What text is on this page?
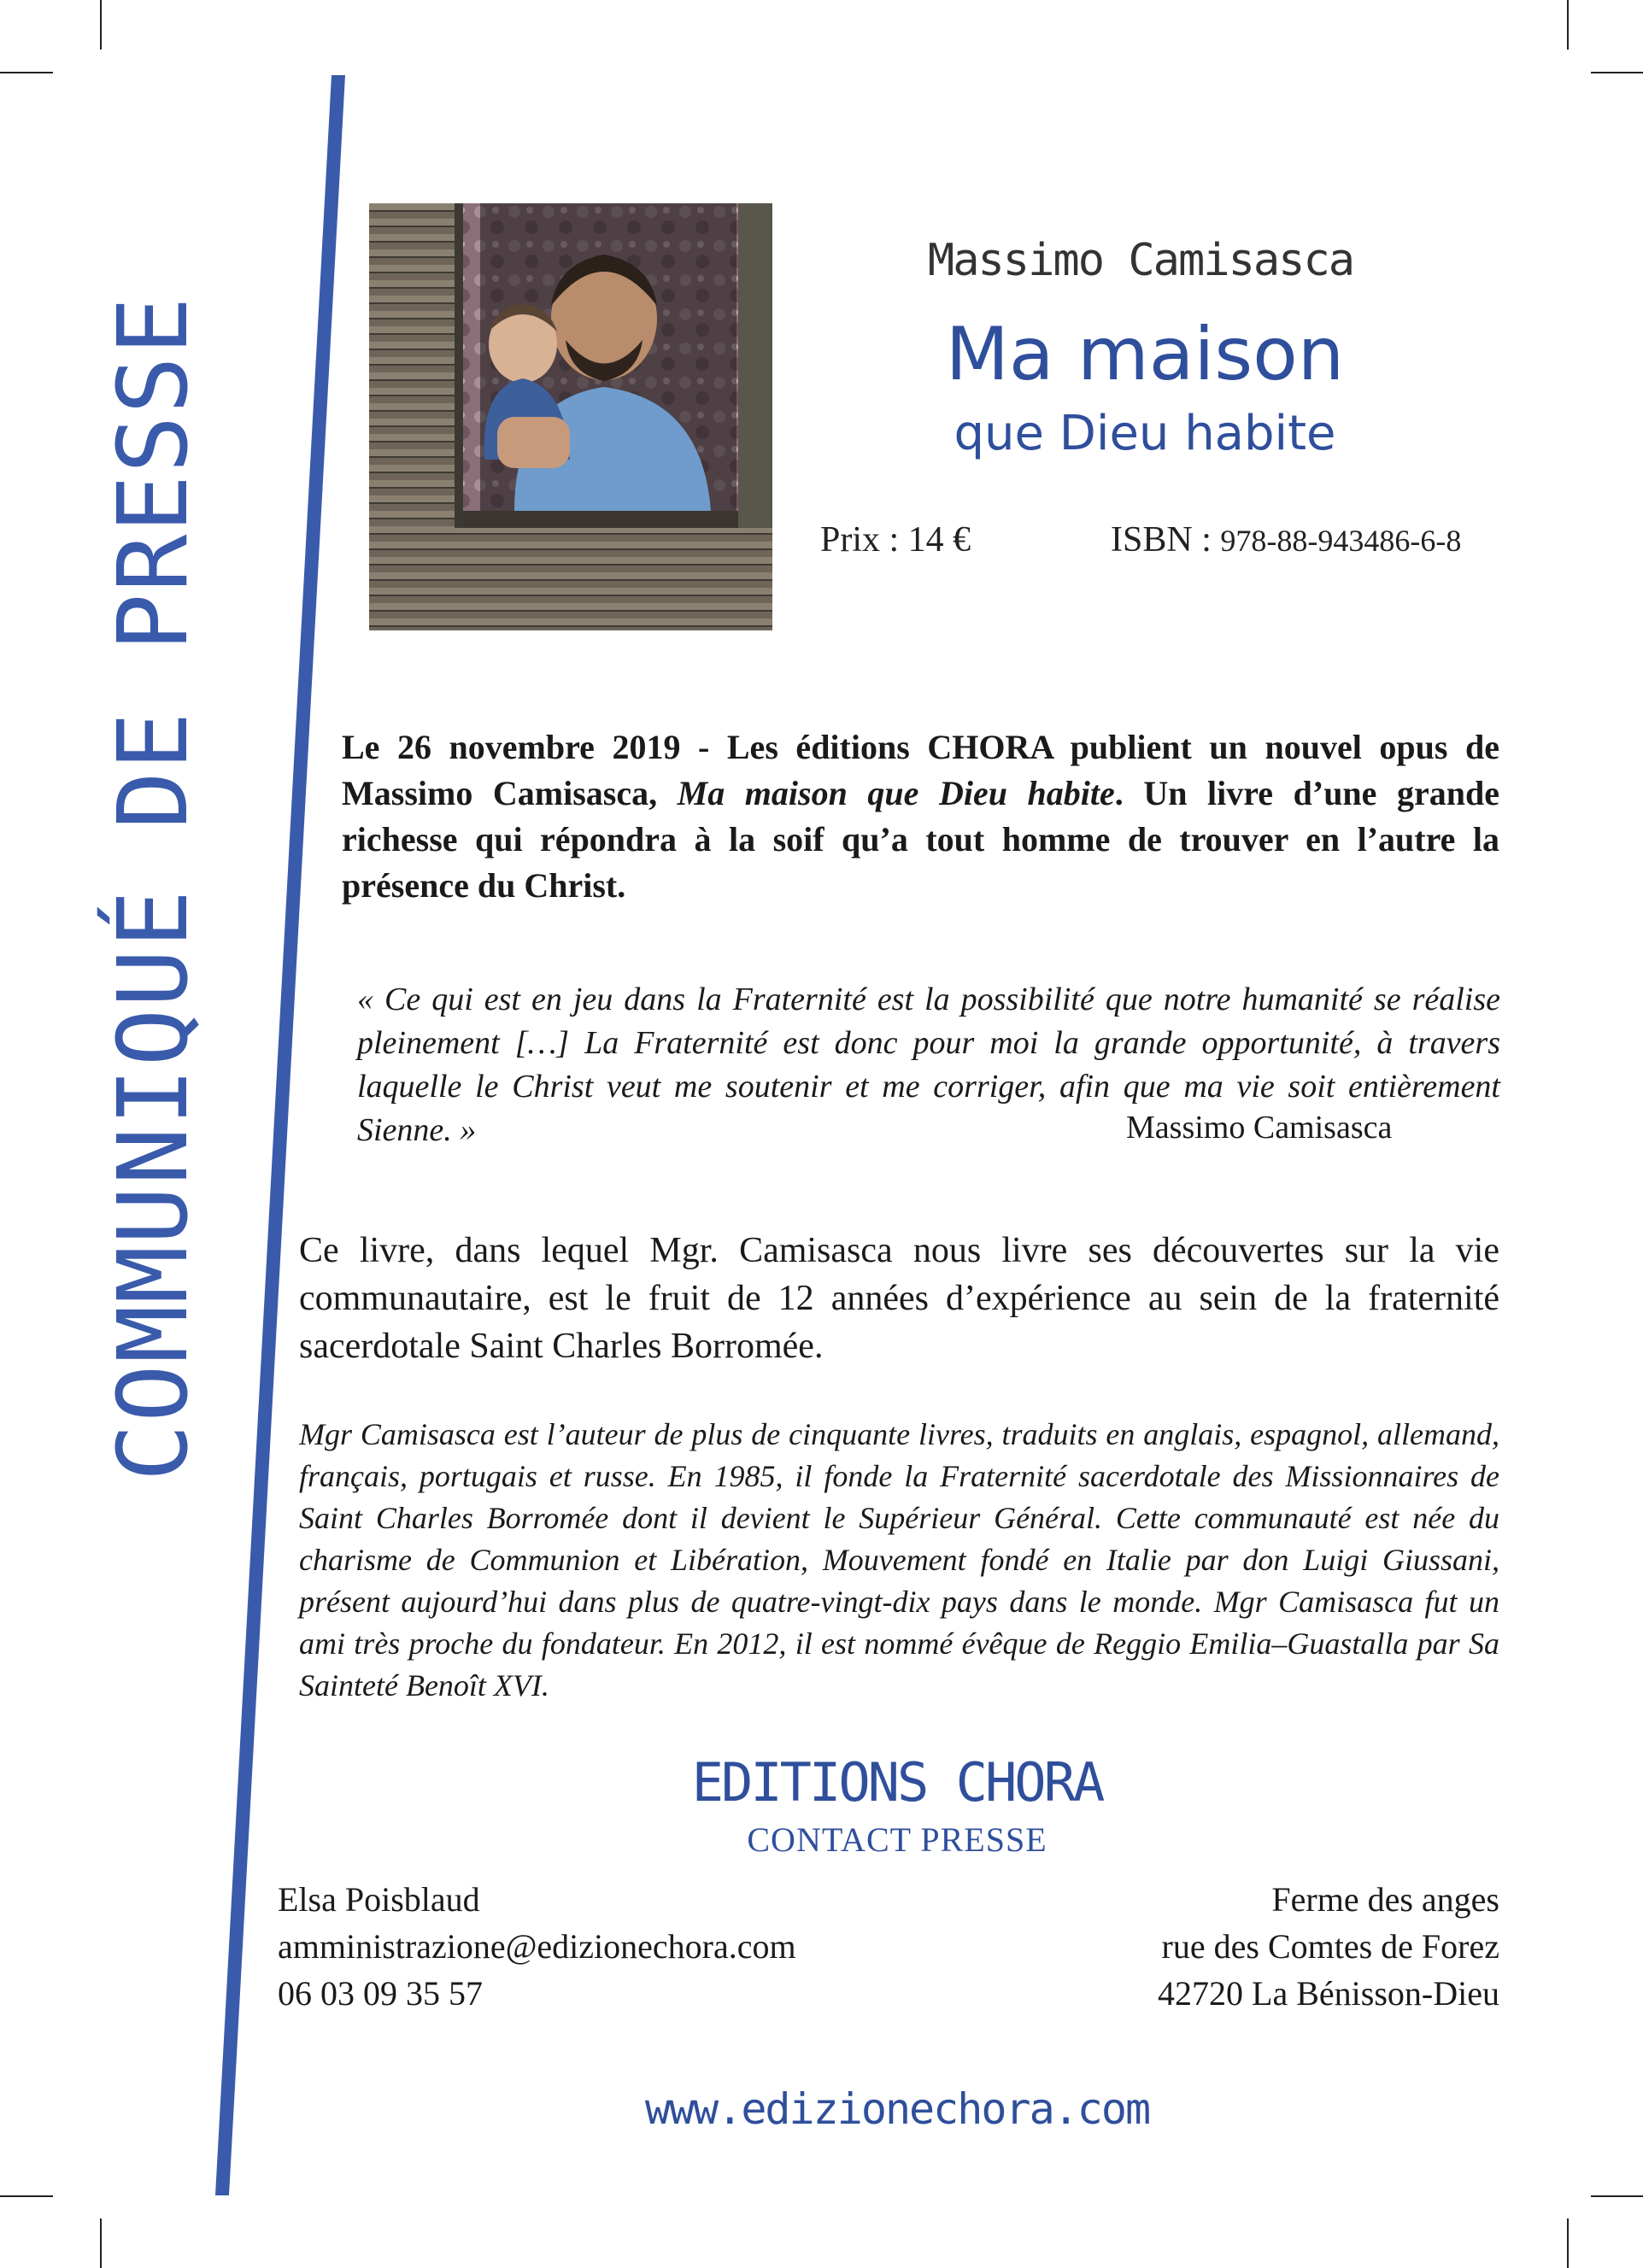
COMMUNIQUÉ DE PRESSE
Massimo Camisasca
Ma maison
que Dieu habite
Prix : 14 €	ISBN : 978-88-943486-6-8
Le 26 novembre 2019 - Les éditions CHORA publient un nouvel opus de Massimo Camisasca, Ma maison que Dieu habite. Un livre d’une grande richesse qui répondra à la soif qu’a tout homme de trouver en l’autre la présence du Christ.
« Ce qui est en jeu dans la Fraternité est la possibilité que notre humanité se réalise pleinement […] La Fraternité est donc pour moi la grande opportunité, à travers laquelle le Christ veut me soutenir et me corriger, afin que ma vie soit entièrement Sienne. »	Massimo Camisasca
Ce livre, dans lequel Mgr. Camisasca nous livre ses découvertes sur la vie communautaire, est le fruit de 12 années d’expérience au sein de la fraternité sacerdotale Saint Charles Borromée.
Mgr Camisasca est l’auteur de plus de cinquante livres, traduits en anglais, espagnol, allemand, français, portugais et russe. En 1985, il fonde la Fraternité sacerdotale des Missionnaires de Saint Charles Borromée dont il devient le Supérieur Général. Cette communauté est née du charisme de Communion et Libération, Mouvement fondé en Italie par don Luigi Giussani, présent aujourd’hui dans plus de quatre-vingt-dix pays dans le monde. Mgr Camisasca fut un ami très proche du fondateur. En 2012, il est nommé évêque de Reggio Emilia–Guastalla par Sa Sainteté Benoît XVI.
EDITIONS CHORA
CONTACT PRESSE
Elsa Poisblaud
amministrazione@edizionechora.com
06 03 09 35 57
Ferme des anges
rue des Comtes de Forez
42720 La Bénisson-Dieu
www.edizionechora.com
